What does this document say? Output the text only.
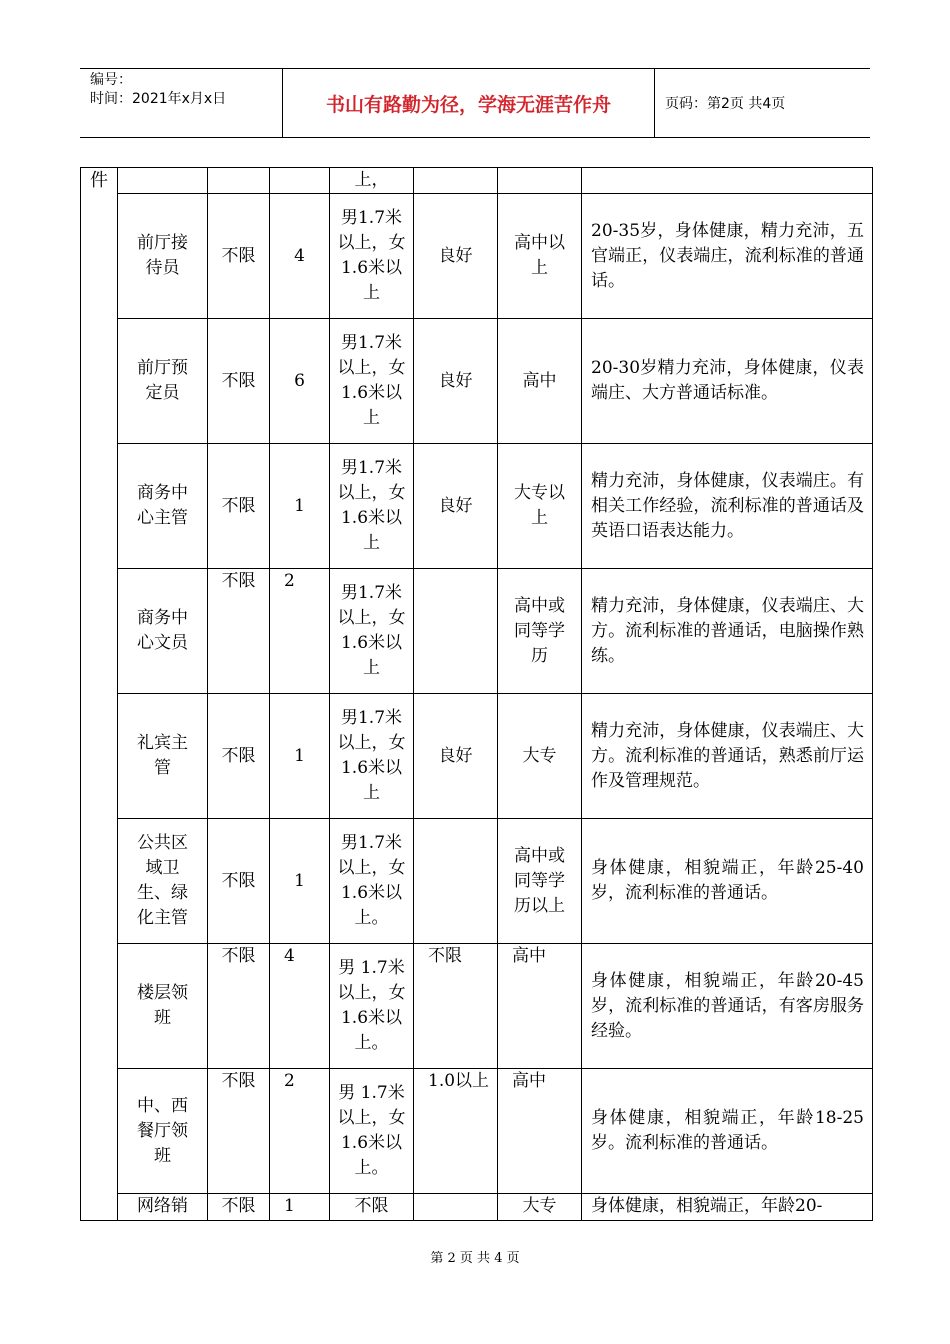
编号：
时间：2021年x月x日	书山有路勤为径，学海无涯苦作舟	页码：第2页 共4页
件				上，			
	前厅接待员	不限	4	男1.7米以上，女1.6米以上	良好	高中以上	20-35岁，身体健康，精力充沛，五官端正，仪表端庄，流利标准的普通话。
	前厅预定员	不限	6	男1.7米以上，女1.6米以上	良好	高中	20-30岁精力充沛，身体健康，仪表端庄、大方普通话标准。
	商务中心主管	不限	1	男1.7米以上，女1.6米以上	良好	大专以上	精力充沛，身体健康，仪表端庄。有相关工作经验，流利标准的普通话及英语口语表达能力。
	商务中心文员	不限	2	男1.7米以上，女1.6米以上		高中或同等学历	精力充沛，身体健康，仪表端庄、大方。流利标准的普通话，电脑操作熟练。
	礼宾主管	不限	1	男1.7米以上，女1.6米以上	良好	大专	精力充沛，身体健康，仪表端庄、大方。流利标准的普通话，熟悉前厅运作及管理规范。
	公共区域卫生、绿化主管	不限	1	男1.7米以上，女1.6米以上。		高中或同等学历以上	身体健康，相貌端正，年龄25-40岁，流利标准的普通话。
	楼层领班	不限	4	男 1.7米 以上，女1.6米以上。	不限	高中	身体健康，相貌端正，年龄20-45岁，流利标准的普通话，有客房服务经验。
	中、西餐厅领班	不限	2	男 1.7米 以上，女1.6米以上。	1.0以上	高中	身体健康，相貌端正，年龄18-25岁。流利标准的普通话。
	网络销	不限	1	不限		大专	身体健康，相貌端正，年龄20-
第 2 页 共 4 页
